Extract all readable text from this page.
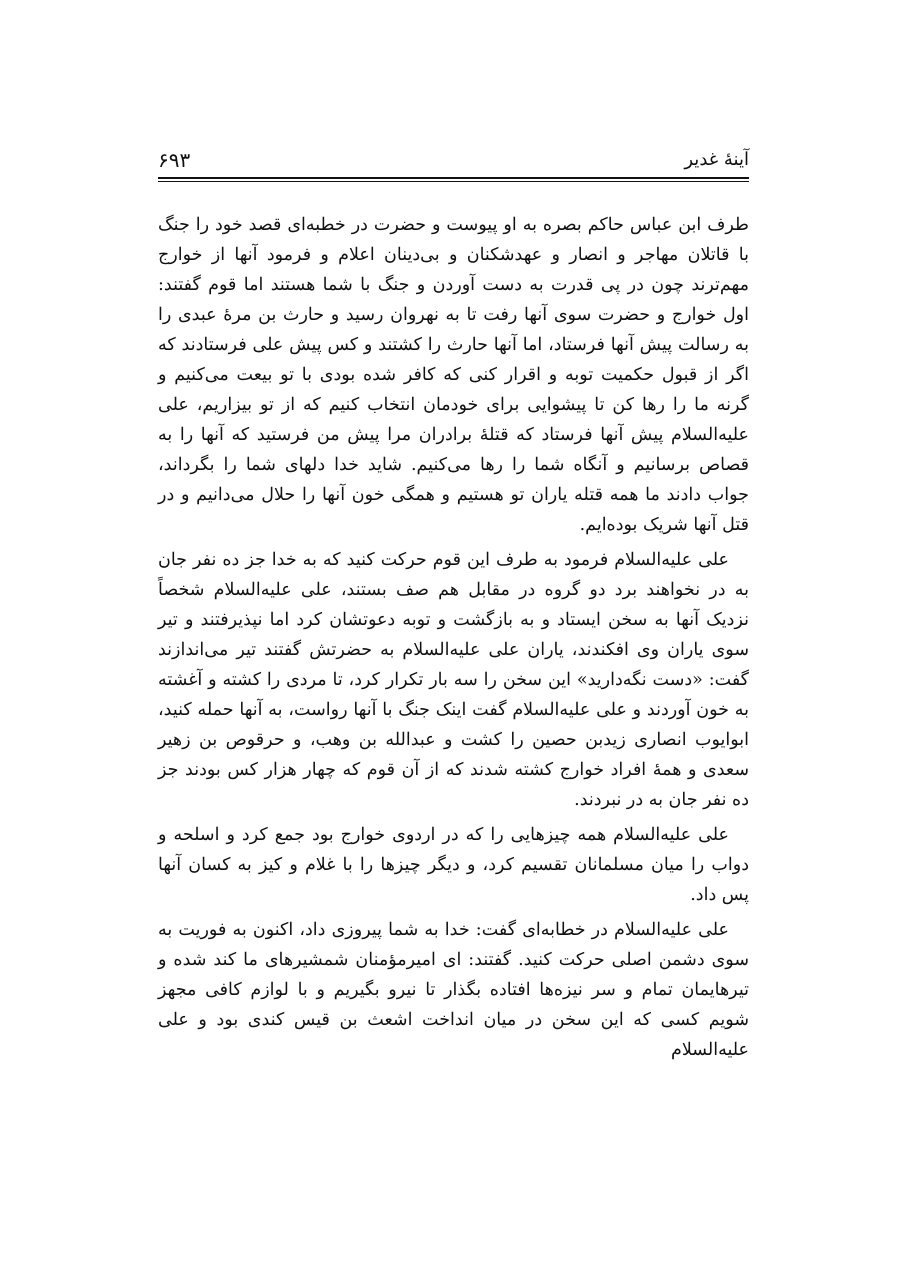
آینهٔ غدیر
۶۹۳

طرف ابن عباس حاکم بصره به او پیوست و حضرت در خطبه‌ای قصد خود را جنگ با قاتلان مهاجر و انصار و عهدشکنان و بی‌دینان اعلام و فرمود آنها از خوارج مهم‌ترند چون در پی قدرت به دست آوردن و جنگ با شما هستند اما قوم گفتند: اول خوارج و حضرت سوی آنها رفت تا به نهروان رسید و حارث بن مرهٔ عبدی را به رسالت پیش آنها فرستاد، اما آنها حارث را کشتند و کس پیش علی فرستادند که اگر از قبول حکمیت توبه و اقرار کنی که کافر شده بودی با تو بیعت می‌کنیم و گرنه ما را رها کن تا پیشوایی برای خودمان انتخاب کنیم که از تو بیزاریم، علی علیه‌السلام پیش آنها فرستاد که قتلهٔ برادران مرا پیش من فرستید که آنها را به قصاص برسانیم و آنگاه شما را رها می‌کنیم. شاید خدا دلهای شما را بگرداند، جواب دادند ما همه قتله یاران تو هستیم و همگی خون آنها را حلال می‌دانیم و در قتل آنها شریک بوده‌ایم.

علی علیه‌السلام فرمود به طرف این قوم حرکت کنید که به خدا جز ده نفر جان به در نخواهند برد دو گروه در مقابل هم صف بستند، علی علیه‌السلام شخصاً نزدیک آنها به سخن ایستاد و به بازگشت و توبه دعوتشان کرد اما نپذیرفتند و تیر سوی یاران وی افکندند، یاران علی علیه‌السلام به حضرتش گفتند تیر می‌اندازند گفت: «دست نگه‌دارید» این سخن را سه بار تکرار کرد، تا مردی را کشته و آغشته به خون آوردند و علی علیه‌السلام گفت اینک جنگ با آنها رواست، به آنها حمله کنید، ابوایوب انصاری زیدبن حصین را کشت و عبدالله بن وهب، و حرقوص بن زهیر سعدی و همهٔ افراد خوارج کشته شدند که از آن قوم که چهار هزار کس بودند جز ده نفر جان به در نبردند.

علی علیه‌السلام همه چیزهایی را که در اردوی خوارج بود جمع کرد و اسلحه و دواب را میان مسلمانان تقسیم کرد، و دیگر چیزها را با غلام و کیز به کسان آنها پس داد.

علی علیه‌السلام در خطابه‌ای گفت: خدا به شما پیروزی داد، اکنون به فوریت به سوی دشمن اصلی حرکت کنید. گفتند: ای امیرمؤمنان شمشیرهای ما کند شده و تیرهایمان تمام و سر نیزه‌ها افتاده بگذار تا نیرو بگیریم و با لوازم کافی مجهز شویم کسی که این سخن در میان انداخت اشعث بن قیس کندی بود و علی علیه‌السلام
